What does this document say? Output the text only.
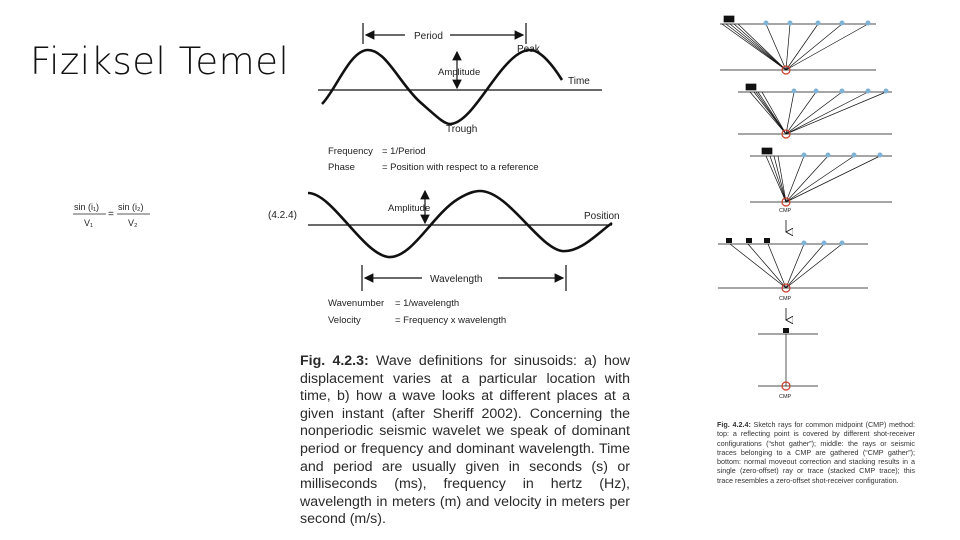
Fiziksel Temel
sin (i₁)
V₁
=
sin (i₂)
V₂
Period
Peak
Time
Amplitude
Trough
Frequency = 1/Period
Phase	= Position with respect to a reference
(4.2.4)	Position
Amplitude
Wavelength
Wavenumber = 1/wavelength
Velocity	= Frequency x wavelength
Fig. 4.2.3: Wave definitions for sinusoids: a) how displacement varies at a particular location with time, b) how a wave looks at different places at a given instant (after Sheriff 2002). Concerning the nonperiodic seismic wavelet we speak of dominant period or frequency and dominant wavelength. Time and period are usually given in seconds (s) or milliseconds (ms), frequency in hertz (Hz), wavelength in meters (m) and velocity in meters per second (m/s).
CMP
CMP
CMP
Fig. 4.2.4: Sketch rays for common midpoint (CMP) method: top: a reflecting point is covered by different shot-receiver configurations (“shot gather”); middle: the rays or seismic traces belonging to a CMP are gathered (“CMP gather”); bottom: normal moveout correction and stacking results in a single (zero-offset) ray or trace (stacked CMP trace); this trace resembles a zero-offset shot-receiver configuration.
